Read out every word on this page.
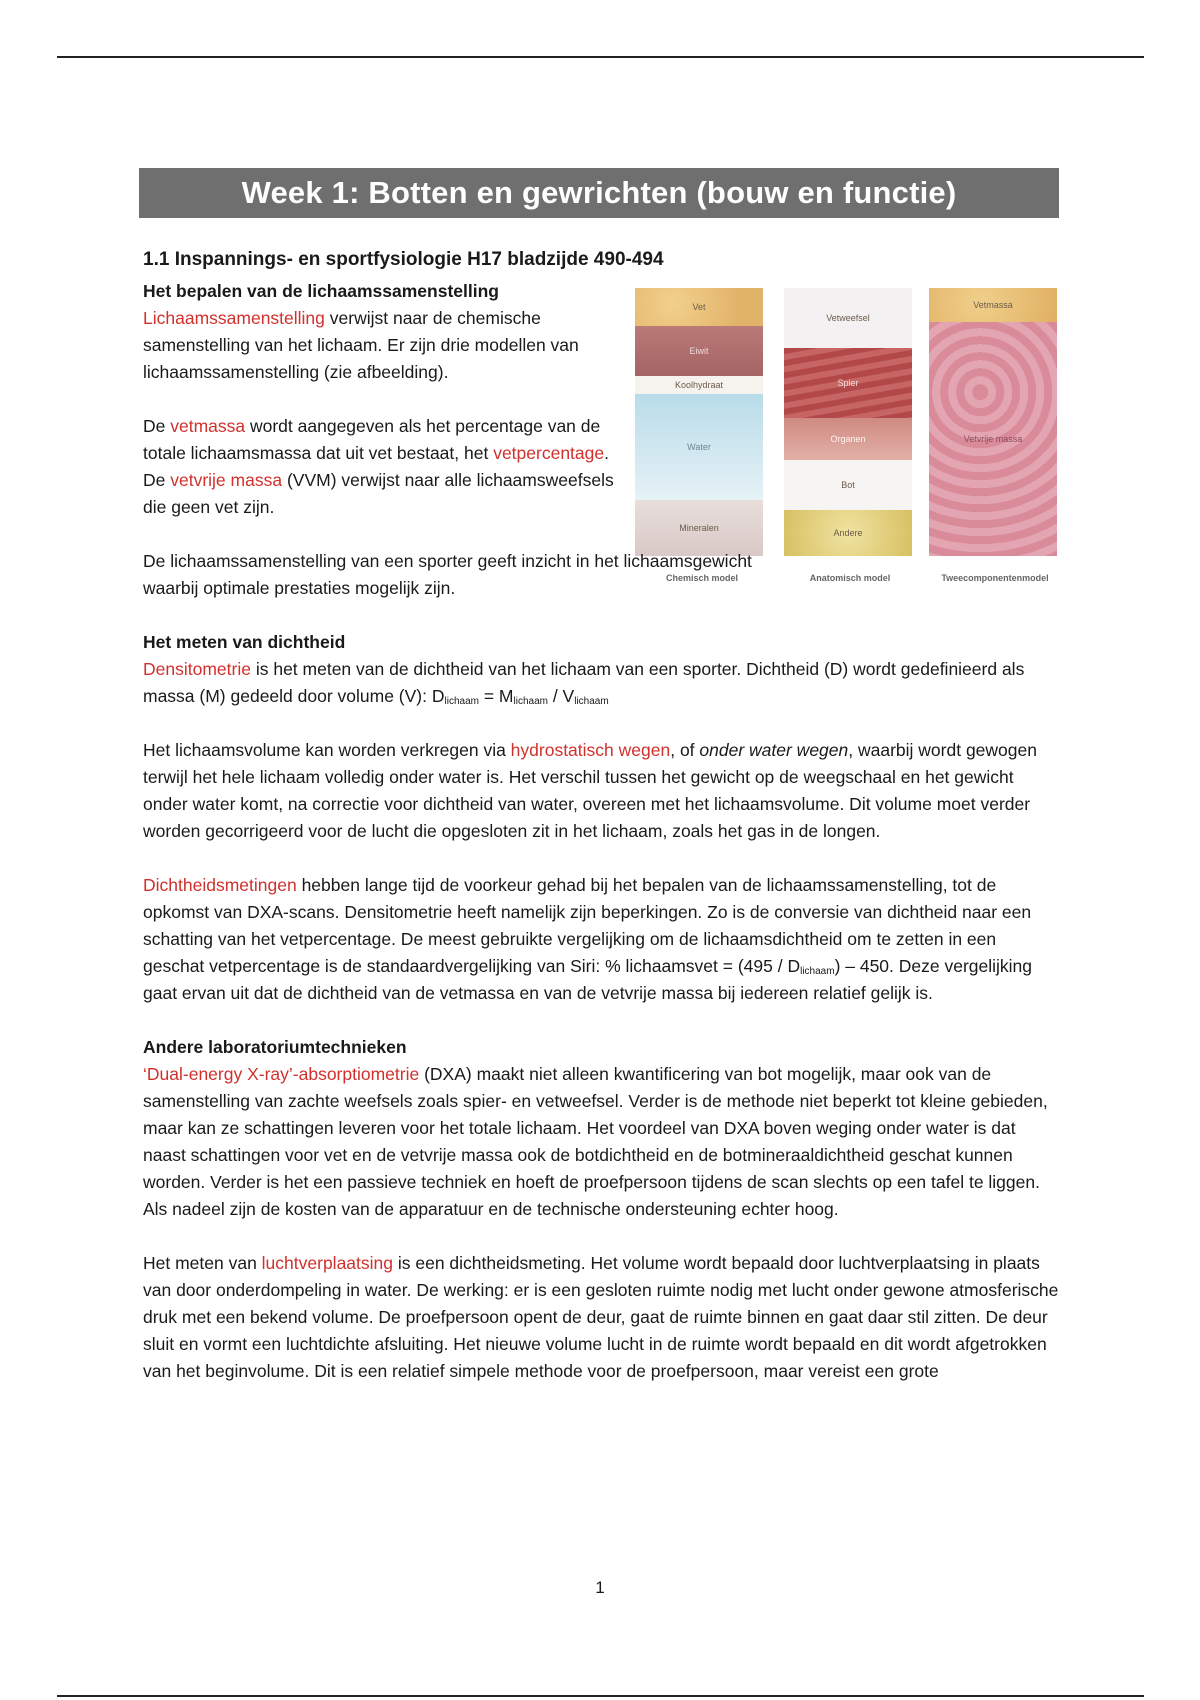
Week 1: Botten en gewrichten (bouw en functie)
Vet
Eiwit
Koolhydraat
Water
Mineralen
Vetweefsel
Spier
Organen
Bot
Andere
Vetmassa
Vetvrije massa
Chemisch model	Anatomisch model	Tweecomponentenmodel

1.1 Inspannings- en sportfysiologie H17 bladzijde 490-494

Het bepalen van de lichaamssamenstelling

Lichaamssamenstelling verwijst naar de chemische samenstelling van het lichaam. Er zijn drie modellen van lichaamssamenstelling (zie afbeelding).

De vetmassa wordt aangegeven als het percentage van de totale lichaamsmassa dat uit vet bestaat, het vetpercentage. De vetvrije massa (VVM) verwijst naar alle lichaamsweefsels die geen vet zijn.

De lichaamssamenstelling van een sporter geeft inzicht in het lichaamsgewicht waarbij optimale prestaties mogelijk zijn.

Het meten van dichtheid

Densitometrie is het meten van de dichtheid van het lichaam van een sporter. Dichtheid (D) wordt gedefinieerd als massa (M) gedeeld door volume (V): $D_{lichaam} = M_{lichaam} / V_{lichaam}$

Het lichaamsvolume kan worden verkregen via hydrostatisch wegen, of onder water wegen, waarbij wordt gewogen terwijl het hele lichaam volledig onder water is. Het verschil tussen het gewicht op de weegschaal en het gewicht onder water komt, na correctie voor dichtheid van water, overeen met het lichaamsvolume. Dit volume moet verder worden gecorrigeerd voor de lucht die opgesloten zit in het lichaam, zoals het gas in de longen.

Dichtheidsmetingen hebben lange tijd de voorkeur gehad bij het bepalen van de lichaamssamenstelling, tot de opkomst van DXA-scans. Densitometrie heeft namelijk zijn beperkingen. Zo is de conversie van dichtheid naar een schatting van het vetpercentage. De meest gebruikte vergelijking om de lichaamsdichtheid om te zetten in een geschat vetpercentage is de standaardvergelijking van Siri: % lichaamsvet = $(495 / D_{lichaam}) - 450$. Deze vergelijking gaat ervan uit dat de dichtheid van de vetmassa en van de vetvrije massa bij iedereen relatief gelijk is.

Andere laboratoriumtechnieken

‘Dual-energy X-ray’-absorptiometrie (DXA) maakt niet alleen kwantificering van bot mogelijk, maar ook van de samenstelling van zachte weefsels zoals spier- en vetweefsel. Verder is de methode niet beperkt tot kleine gebieden, maar kan ze schattingen leveren voor het totale lichaam. Het voordeel van DXA boven weging onder water is dat naast schattingen voor vet en de vetvrije massa ook de botdichtheid en de botmineraaldichtheid geschat kunnen worden. Verder is het een passieve techniek en hoeft de proefpersoon tijdens de scan slechts op een tafel te liggen. Als nadeel zijn de kosten van de apparatuur en de technische ondersteuning echter hoog.

Het meten van luchtverplaatsing is een dichtheidsmeting. Het volume wordt bepaald door luchtverplaatsing in plaats van door onderdompeling in water. De werking: er is een gesloten ruimte nodig met lucht onder gewone atmosferische druk met een bekend volume. De proefpersoon opent de deur, gaat de ruimte binnen en gaat daar stil zitten. De deur sluit en vormt een luchtdichte afsluiting. Het nieuwe volume lucht in de ruimte wordt bepaald en dit wordt afgetrokken van het beginvolume. Dit is een relatief simpele methode voor de proefpersoon, maar vereist een grote

1
